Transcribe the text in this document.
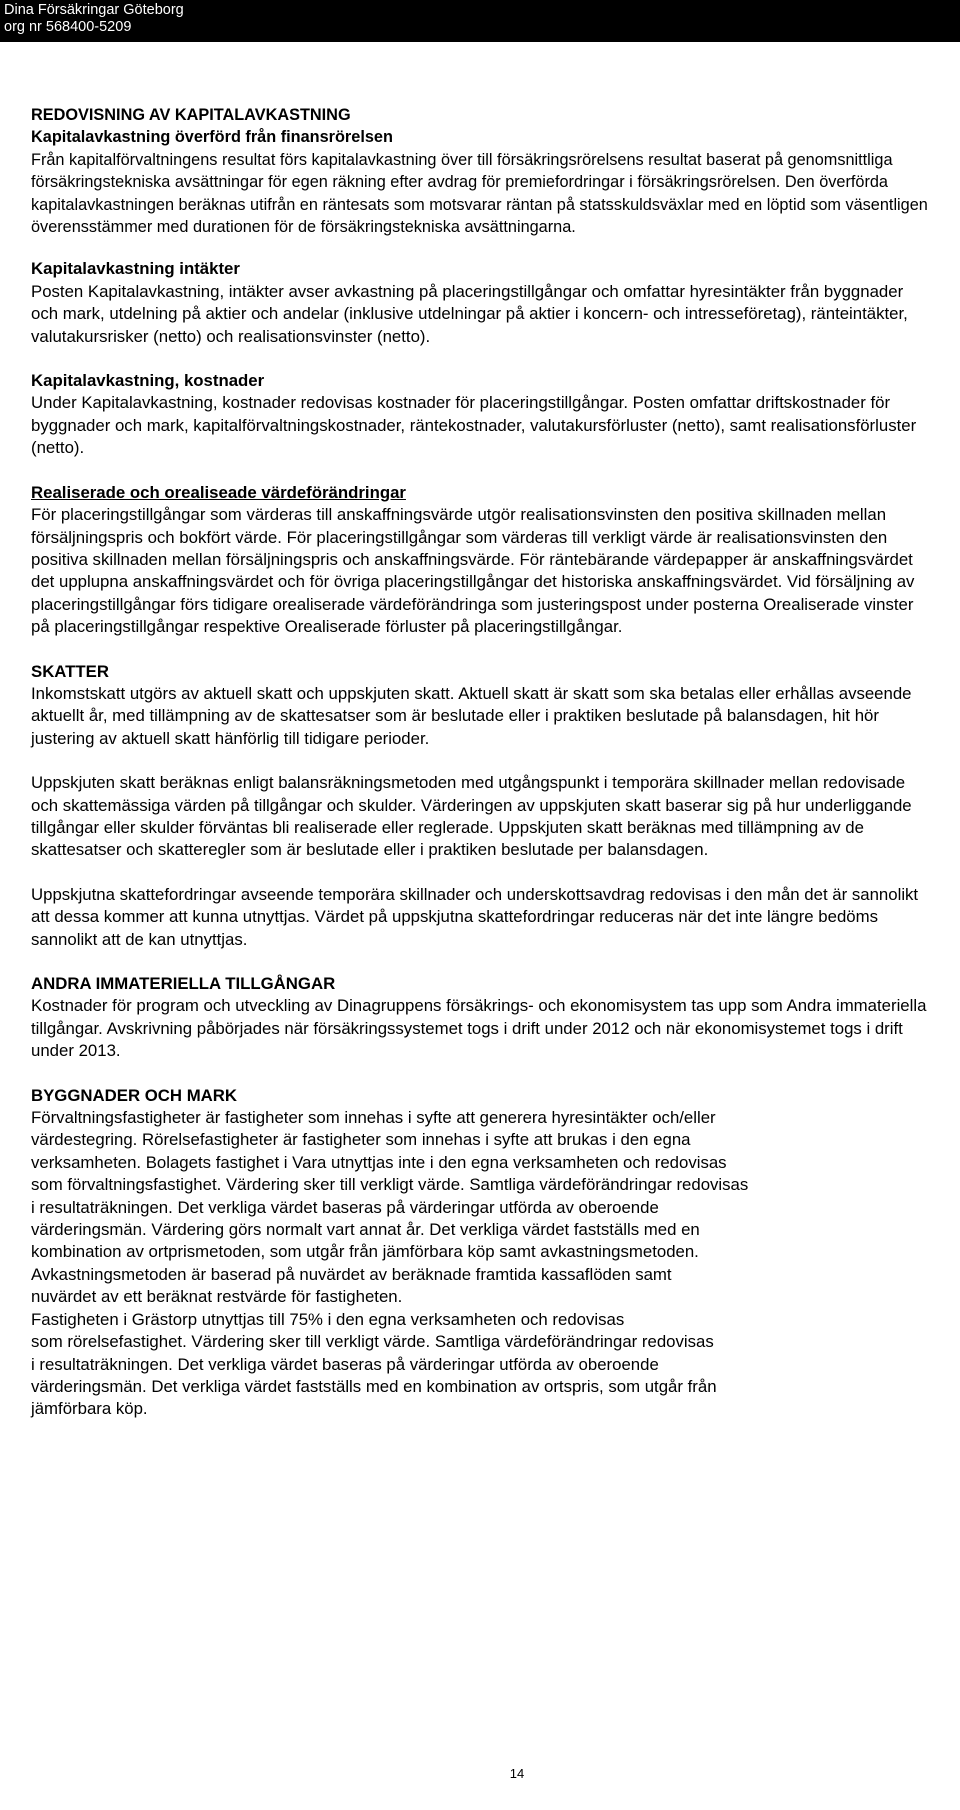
Dina Försäkringar Göteborg
org nr 568400-5209

REDOVISNING AV KAPITALAVKASTNING

Kapitalavkastning överförd från finansrörelsen

Från kapitalförvaltningens resultat förs kapitalavkastning över till försäkringsrörelsens resultat baserat på genomsnittliga försäkringstekniska avsättningar för egen räkning efter avdrag för premiefordringar i försäkringsrörelsen. Den överförda kapitalavkastningen beräknas utifrån en räntesats som motsvarar räntan på statsskuldsväxlar med en löptid som väsentligen överensstämmer med durationen för de försäkringstekniska avsättningarna.

Kapitalavkastning intäkter

Posten Kapitalavkastning, intäkter avser avkastning på placeringstillgångar och omfattar hyresintäkter från byggnader och mark, utdelning på aktier och andelar (inklusive utdelningar på aktier i koncern- och intresseföretag), ränteintäkter, valutakursrisker (netto) och realisationsvinster (netto).

Kapitalavkastning, kostnader

Under Kapitalavkastning, kostnader redovisas kostnader för placeringstillgångar. Posten omfattar driftskostnader för byggnader och mark, kapitalförvaltningskostnader, räntekostnader, valutakursförluster (netto), samt realisationsförluster (netto).

Realiserade och orealiseade värdeförändringar

För placeringstillgångar som värderas till anskaffningsvärde utgör realisationsvinsten den positiva skillnaden mellan försäljningspris och bokfört värde. För placeringstillgångar som värderas till verkligt värde är realisationsvinsten den positiva skillnaden mellan försäljningspris och anskaffningsvärde. För räntebärande värdepapper är anskaffningsvärdet det upplupna anskaffningsvärdet och för övriga placeringstillgångar det historiska anskaffningsvärdet. Vid försäljning av placeringstillgångar förs tidigare orealiserade värdeförändringa som justeringspost under posterna Orealiserade vinster på placeringstillgångar respektive Orealiserade förluster på placeringstillgångar.

SKATTER

Inkomstskatt utgörs av aktuell skatt och uppskjuten skatt. Aktuell skatt är skatt som ska betalas eller erhållas avseende aktuellt år, med tillämpning av de skattesatser som är beslutade eller i praktiken beslutade på balansdagen, hit hör justering av aktuell skatt hänförlig till tidigare perioder.

Uppskjuten skatt beräknas enligt balansräkningsmetoden med utgångspunkt i temporära skillnader mellan redovisade och skattemässiga värden på tillgångar och skulder. Värderingen av uppskjuten skatt baserar sig på hur underliggande tillgångar eller skulder förväntas bli realiserade eller reglerade. Uppskjuten skatt beräknas med tillämpning av de skattesatser och skatteregler som är beslutade eller i praktiken beslutade per balansdagen.

Uppskjutna skattefordringar avseende temporära skillnader och underskottsavdrag redovisas i den mån det är sannolikt att dessa kommer att kunna utnyttjas. Värdet på uppskjutna skattefordringar reduceras när det inte längre bedöms sannolikt att de kan utnyttjas.

ANDRA IMMATERIELLA TILLGÅNGAR

Kostnader för program och utveckling av Dinagruppens försäkrings- och ekonomisystem tas upp som Andra immateriella tillgångar. Avskrivning påbörjades när försäkringssystemet togs i drift under 2012 och när ekonomisystemet togs i drift under 2013.

BYGGNADER OCH MARK

Förvaltningsfastigheter är fastigheter som innehas i syfte att generera hyresintäkter och/eller
värdestegring. Rörelsefastigheter är fastigheter som innehas i syfte att brukas i den egna
verksamheten. Bolagets fastighet i Vara utnyttjas inte i den egna verksamheten och redovisas
som förvaltningsfastighet. Värdering sker till verkligt värde. Samtliga värdeförändringar redovisas
i resultaträkningen. Det verkliga värdet baseras på värderingar utförda av oberoende
värderingsmän. Värdering görs normalt vart annat år. Det verkliga värdet fastställs med en
kombination av ortprismetoden, som utgår från jämförbara köp samt avkastningsmetoden.
Avkastningsmetoden är baserad på nuvärdet av beräknade framtida kassaflöden samt
nuvärdet av ett beräknat restvärde för fastigheten.
Fastigheten i Grästorp utnyttjas till 75% i den egna verksamheten och redovisas
som rörelsefastighet. Värdering sker till verkligt värde. Samtliga värdeförändringar redovisas
i resultaträkningen. Det verkliga värdet baseras på värderingar utförda av oberoende
värderingsmän. Det verkliga värdet fastställs med en kombination av ortspris, som utgår från
jämförbara köp.
14
